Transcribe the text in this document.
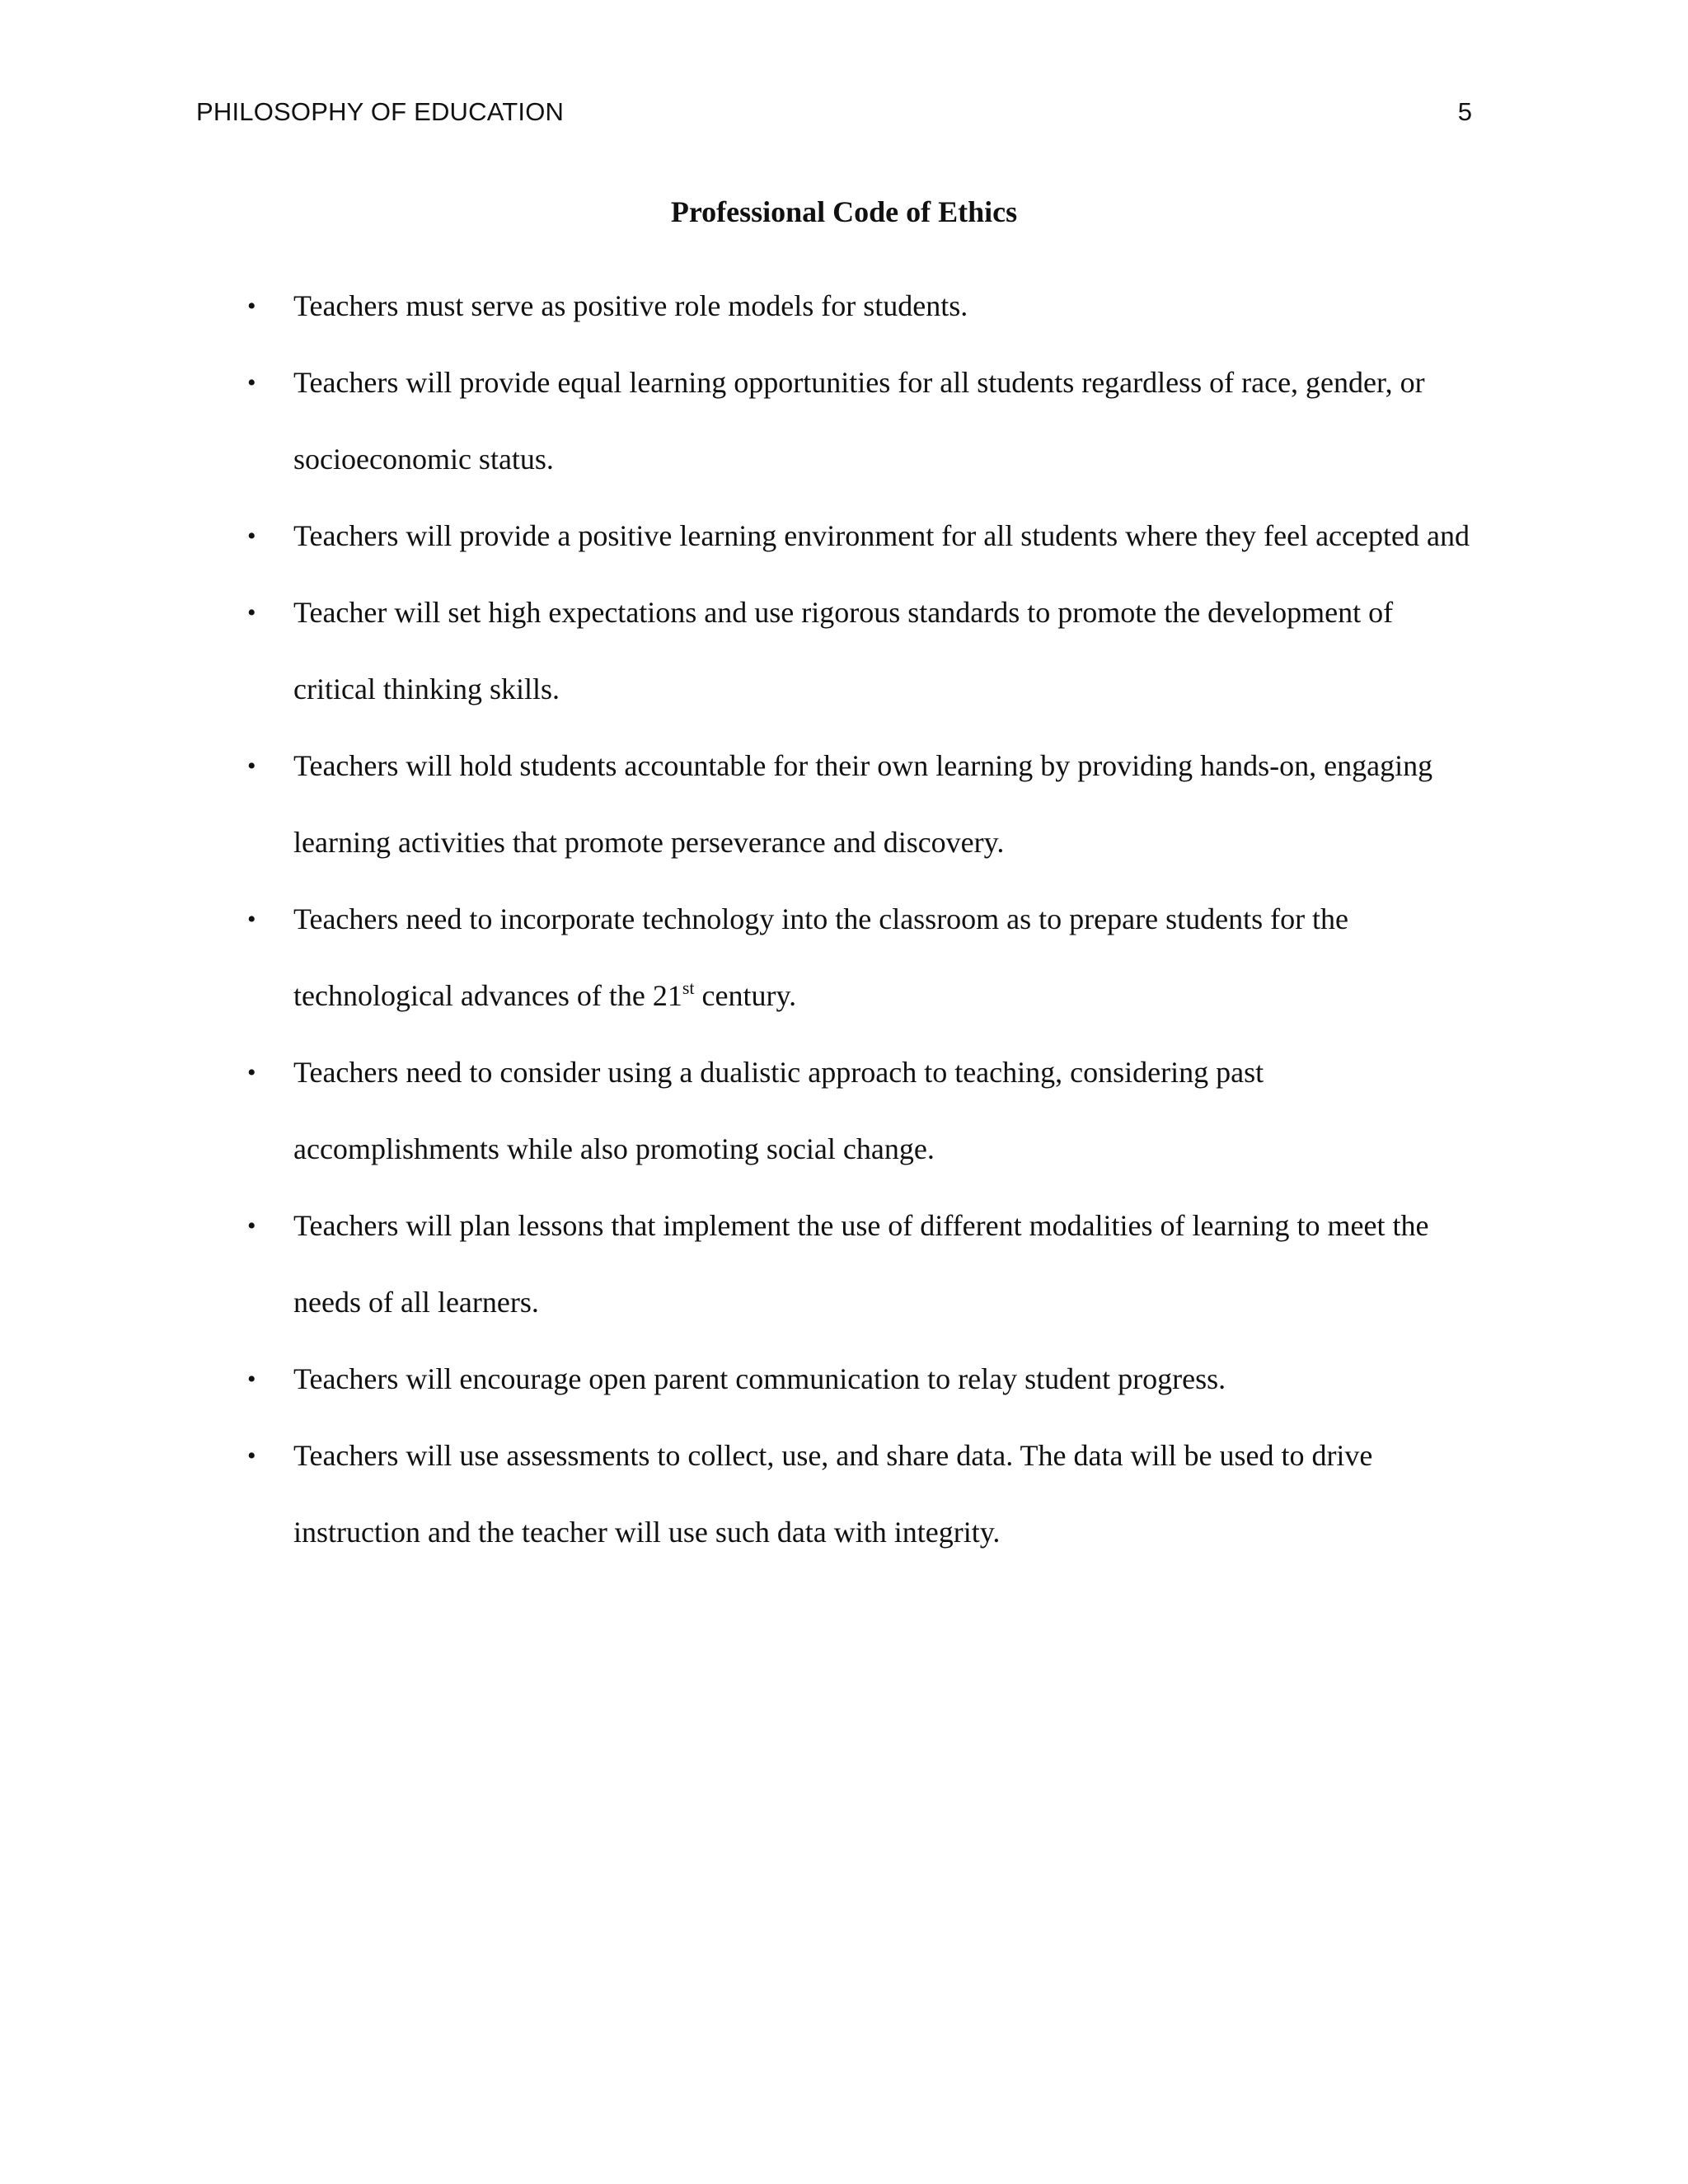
PHILOSOPHY OF EDUCATION	5
Professional Code of Ethics
• Teachers must serve as positive role models for students.
• Teachers will provide equal learning opportunities for all students regardless of race, gender, or socioeconomic status.
• Teachers will provide a positive learning environment for all students where they feel accepted and
• Teacher will set high expectations and use rigorous standards to promote the development of critical thinking skills.
• Teachers will hold students accountable for their own learning by providing hands-on, engaging learning activities that promote perseverance and discovery.
• Teachers need to incorporate technology into the classroom as to prepare students for the technological advances of the 21st century.
• Teachers need to consider using a dualistic approach to teaching, considering past accomplishments while also promoting social change.
• Teachers will plan lessons that implement the use of different modalities of learning to meet the needs of all learners.
• Teachers will encourage open parent communication to relay student progress.
• Teachers will use assessments to collect, use, and share data. The data will be used to drive instruction and the teacher will use such data with integrity.
